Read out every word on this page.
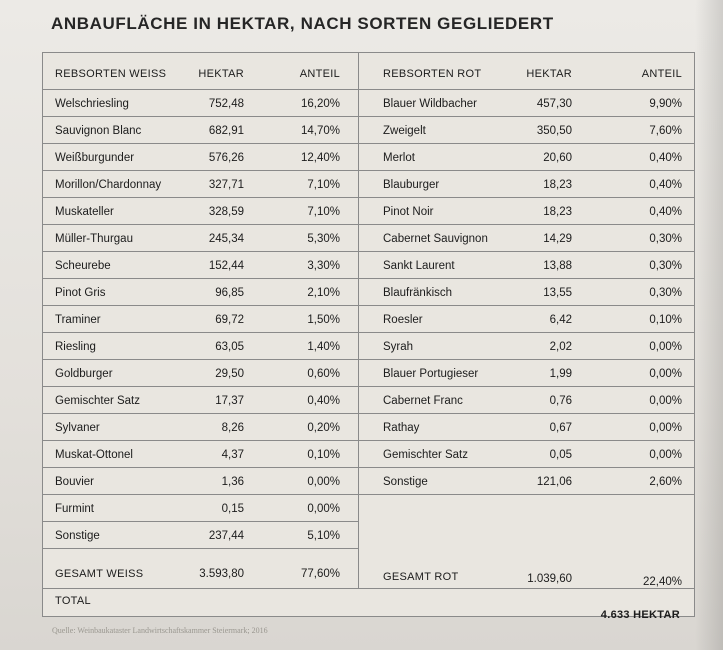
ANBAUFLÄCHE IN HEKTAR, NACH SORTEN GEGLIEDERT
REBSORTEN WEISS	HEKTAR	ANTEIL	REBSORTEN ROT	HEKTAR	ANTEIL
Welschriesling	752,48	16,20%
Sauvignon Blanc	682,91	14,70%
Weißburgunder	576,26	12,40%
Morillon/Chardonnay	327,71	7,10%
Muskateller	328,59	7,10%
Müller-Thurgau	245,34	5,30%
Scheurebe	152,44	3,30%
Pinot Gris	96,85	2,10%
Traminer	69,72	1,50%
Riesling	63,05	1,40%
Goldburger	29,50	0,60%
Gemischter Satz	17,37	0,40%
Sylvaner	8,26	0,20%
Muskat-Ottonel	4,37	0,10%
Bouvier	1,36	0,00%
Furmint	0,15	0,00%
Sonstige	237,44	5,10%
Blauer Wildbacher	457,30	9,90%
Zweigelt	350,50	7,60%
Merlot	20,60	0,40%
Blauburger	18,23	0,40%
Pinot Noir	18,23	0,40%
Cabernet Sauvignon	14,29	0,30%
Sankt Laurent	13,88	0,30%
Blaufränkisch	13,55	0,30%
Roesler	6,42	0,10%
Syrah	2,02	0,00%
Blauer Portugieser	1,99	0,00%
Cabernet Franc	0,76	0,00%
Rathay	0,67	0,00%
Gemischter Satz	0,05	0,00%
Sonstige	121,06	2,60%
GESAMT WEISS	3.593,80	77,60%	GESAMT ROT	1.039,60	22,40%
TOTAL
4.633 HEKTAR
Quelle: Weinbaukataster Landwirtschaftskammer Steiermark; 2016
